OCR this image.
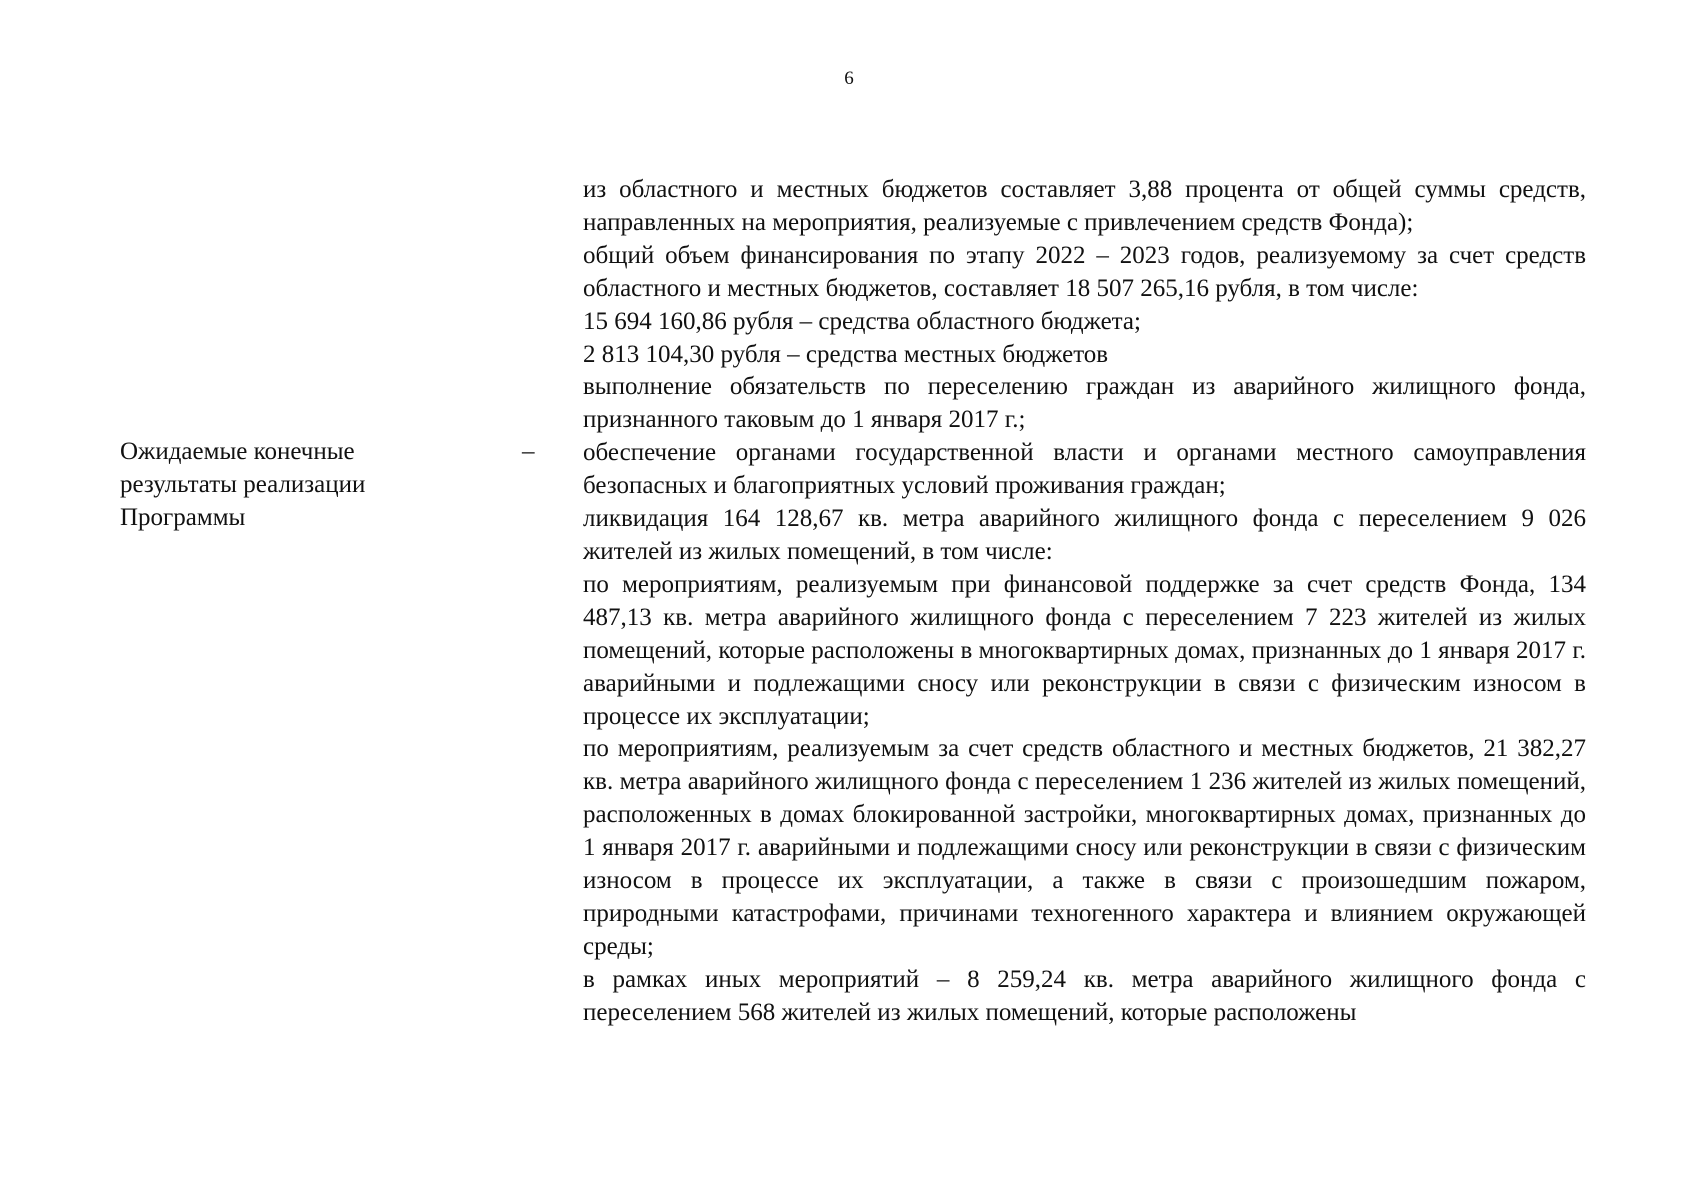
6
Ожидаемые конечные
результаты реализации
Программы
–

из областного и местных бюджетов составляет 3,88 процента от общей суммы средств, направленных на мероприятия, реализуемые с привлечением средств Фонда);

общий объем финансирования по этапу 2022 – 2023 годов, реализуемому за счет средств областного и местных бюджетов, составляет 18 507 265,16 рубля, в том числе:

15 694 160,86 рубля – средства областного бюджета;

2 813 104,30 рубля – средства местных бюджетов

выполнение обязательств по переселению граждан из аварийного жилищного фонда, признанного таковым до 1 января 2017 г.;

обеспечение органами государственной власти и органами местного самоуправления безопасных и благоприятных условий проживания граждан;

ликвидация 164 128,67 кв. метра аварийного жилищного фонда с переселением 9 026 жителей из жилых помещений, в том числе:

по мероприятиям, реализуемым при финансовой поддержке за счет средств Фонда, 134 487,13 кв. метра аварийного жилищного фонда с переселением 7 223 жителей из жилых помещений, которые расположены в многоквартирных домах, признанных до 1 января 2017 г. аварийными и подлежащими сносу или реконструкции в связи с физическим износом в процессе их эксплуатации;

по мероприятиям, реализуемым за счет средств областного и местных бюджетов, 21 382,27 кв. метра аварийного жилищного фонда с переселением 1 236 жителей из жилых помещений, расположенных в домах блокированной застройки, многоквартирных домах, признанных до 1 января 2017 г. аварийными и подлежащими сносу или реконструкции в связи с физическим износом в процессе их эксплуатации, а также в связи с произошедшим пожаром, природными катастрофами, причинами техногенного характера и влиянием окружающей среды;

в рамках иных мероприятий – 8 259,24 кв. метра аварийного жилищного фонда с переселением 568 жителей из жилых помещений, которые расположены
